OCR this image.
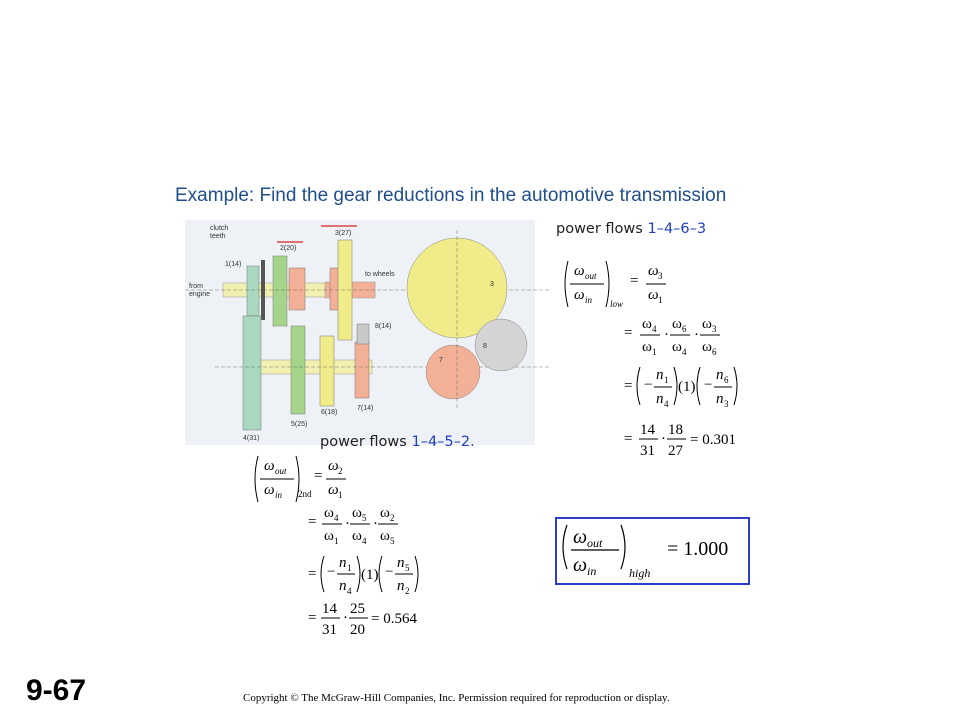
Example: Find the gear reductions in the automotive transmission
clutch
teeth
1(14)
2(20)
3(27)
from
engine
to wheels
8(14)
7(14)
6(18)
5(25)
4(31)
3
8
7
power flows 1–4–6–3
ω out
ω in low
=
ω 3
ω 1
=
ω 4
ω 1
·
ω 6
ω 4
·
ω 3
ω 6
= −
n 1
n 4
(1) −
n 6
n 3
=
14
31
·
18
27
= 0.301
power flows 1–4–5–2.
ω out
ω in 2nd
=
ω 2
ω 1
=
ω 4
ω 1
·
ω 5
ω 4
·
ω 2
ω 5
= −
n 1
n 4
(1) −
n 5
n 2
=
14
31
·
25
20
= 0.564
ω out
ω in	high
= 1.000
9-67	Copyright © The McGraw-Hill Companies, Inc. Permission required for reproduction or display.
